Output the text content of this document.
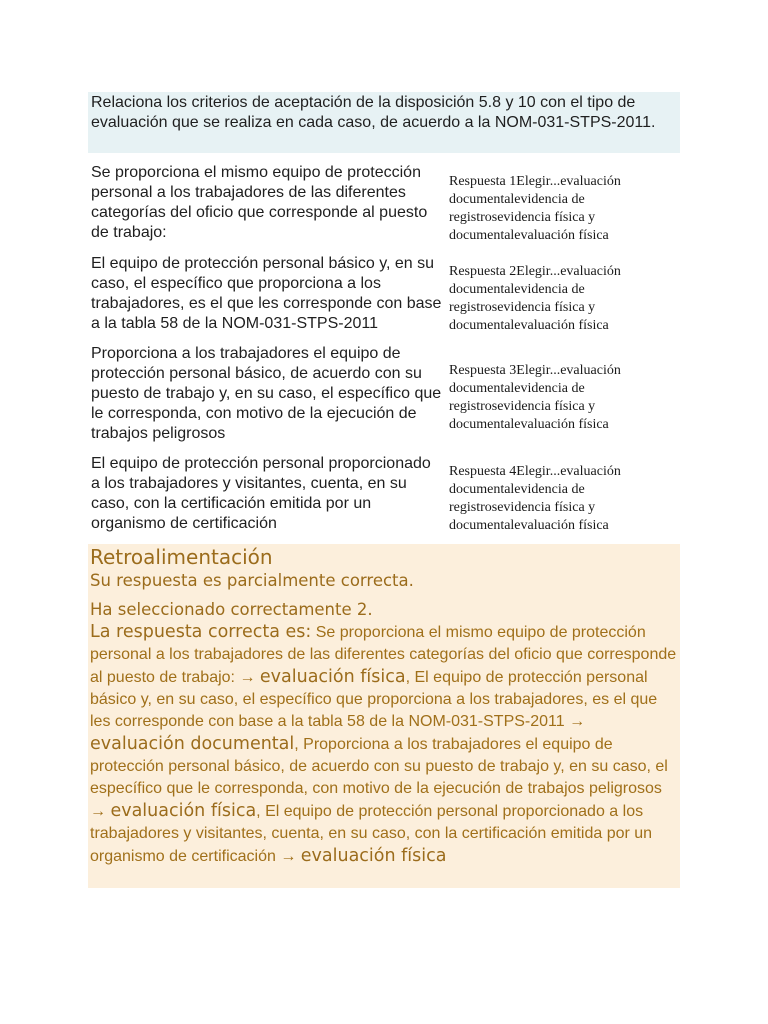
Relaciona los criterios de aceptación de la disposición 5.8 y 10 con el tipo de evaluación que se realiza en cada caso, de acuerdo a la NOM-031-STPS-2011.
Se proporciona el mismo equipo de protección personal a los trabajadores de las diferentes categorías del oficio que corresponde al puesto de trabajo:
Respuesta 1Elegir...evaluación documentalevidencia de registrosevidencia física y documentalevaluación física
El equipo de protección personal básico y, en su caso, el específico que proporciona a los trabajadores, es el que les corresponde con base a la tabla 58 de la NOM-031-STPS-2011
Respuesta 2Elegir...evaluación documentalevidencia de registrosevidencia física y documentalevaluación física
Proporciona a los trabajadores el equipo de protección personal básico, de acuerdo con su puesto de trabajo y, en su caso, el específico que le corresponda, con motivo de la ejecución de trabajos peligrosos
Respuesta 3Elegir...evaluación documentalevidencia de registrosevidencia física y documentalevaluación física
El equipo de protección personal proporcionado a los trabajadores y visitantes, cuenta, en su caso, con la certificación emitida por un organismo de certificación
Respuesta 4Elegir...evaluación documentalevidencia de registrosevidencia física y documentalevaluación física
Retroalimentación
Su respuesta es parcialmente correcta.
Ha seleccionado correctamente 2.
La respuesta correcta es: Se proporciona el mismo equipo de protección personal a los trabajadores de las diferentes categorías del oficio que corresponde al puesto de trabajo: → evaluación física, El equipo de protección personal básico y, en su caso, el específico que proporciona a los trabajadores, es el que les corresponde con base a la tabla 58 de la NOM-031-STPS-2011 → evaluación documental, Proporciona a los trabajadores el equipo de protección personal básico, de acuerdo con su puesto de trabajo y, en su caso, el específico que le corresponda, con motivo de la ejecución de trabajos peligrosos → evaluación física, El equipo de protección personal proporcionado a los trabajadores y visitantes, cuenta, en su caso, con la certificación emitida por un organismo de certificación → evaluación física
